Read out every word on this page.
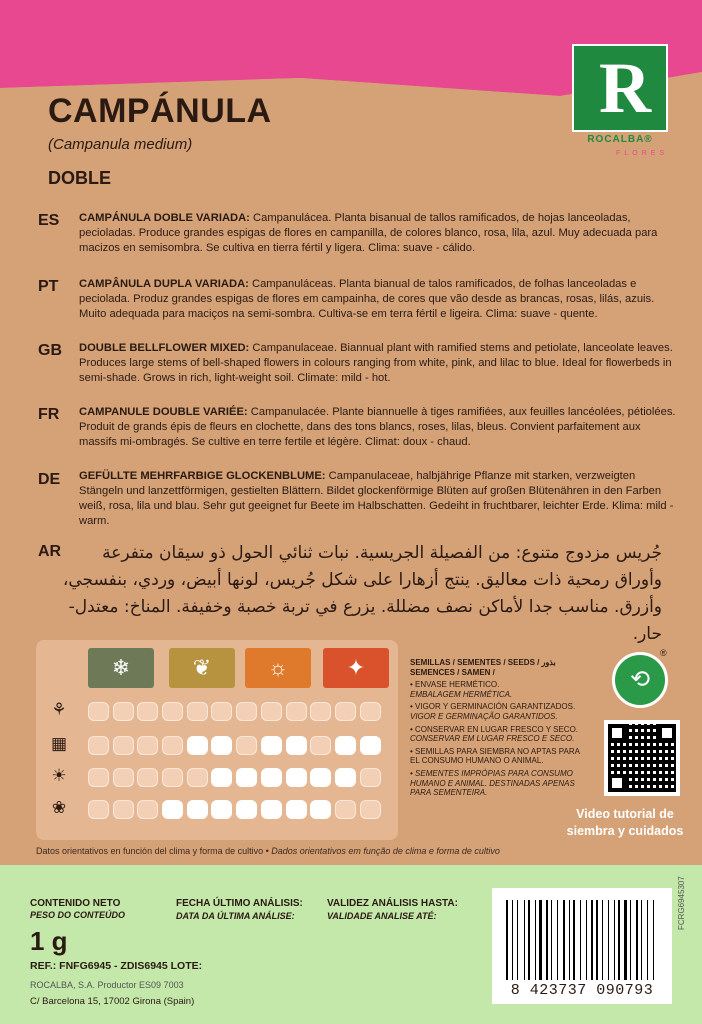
R
ROCALBA®
FLORES
CAMPÁNULA
(Campanula medium)
DOBLE
ES CAMPÁNULA DOBLE VARIADA: Campanulácea. Planta bisanual de tallos ramificados, de hojas lanceoladas, pecioladas. Produce grandes espigas de flores en campanilla, de colores blanco, rosa, lila, azul. Muy adecuada para macizos en semisombra. Se cultiva en tierra fértil y ligera. Clima: suave - cálido.
PT CAMPÂNULA DUPLA VARIADA: Campanuláceas. Planta bianual de talos ramificados, de folhas lanceoladas e peciolada. Produz grandes espigas de flores em campainha, de cores que vão desde as brancas, rosas, lilás, azuis. Muito adequada para maciços na semi-sombra. Cultiva-se em terra fértil e ligeira. Clima: suave - quente.
GB DOUBLE BELLFLOWER MIXED: Campanulaceae. Biannual plant with ramified stems and petiolate, lanceolate leaves. Produces large stems of bell-shaped flowers in colours ranging from white, pink, and lilac to blue. Ideal for flowerbeds in semi-shade. Grows in rich, light-weight soil. Climate: mild - hot.
FR CAMPANULE DOUBLE VARIÉE: Campanulacée. Plante biannuelle à tiges ramifiées, aux feuilles lancéolées, pétiolées. Produit de grands épis de fleurs en clochette, dans des tons blancs, roses, lilas, bleus. Convient parfaitement aux massifs mi-ombragés. Se cultive en terre fertile et légère. Climat: doux - chaud.
DE GEFÜLLTE MEHRFARBIGE GLOCKENBLUME: Campanulaceae, halbjährige Pflanze mit starken, verzweigten Stängeln und lanzettförmigen, gestielten Blättern. Bildet glockenförmige Blüten auf großen Blütenähren in den Farben weiß, rosa, lila und blau. Sehr gut geeignet fur Beete im Halbschatten. Gedeiht in fruchtbarer, leichter Erde. Klima: mild - warm.
AR	جُريس مزدوج متنوع: من الفصيلة الجريسية. نبات ثنائي الحول ذو سيقان متفرعة وأوراق رمحية ذات معاليق. ينتج أزهارا على شكل جُريس، لونها أبيض، وردي، بنفسجي، وأزرق. مناسب جدا لأماكن نصف مضللة. يزرع في تربة خصبة وخفيفة. المناخ: معتدل-حار.
SEMILLAS / SEMENTES / SEEDS / بذور SEMENCES / SAMEN /

• ENVASE HERMÉTICO.
EMBALAGEM HERMÉTICA.

• VIGOR Y GERMINACIÓN GARANTIZADOS.
VIGOR E GERMINAÇÃO GARANTIDOS.

• CONSERVAR EN LUGAR FRESCO Y SECO.
CONSERVAR EM LUGAR FRESCO E SECO.

• SEMILLAS PARA SIEMBRA NO APTAS PARA EL CONSUMO HUMANO O ANIMAL.

• SEMENTES IMPRÓPIAS PARA CONSUMO HUMANO E ANIMAL. DESTINADAS APENAS PARA SEMENTEIRA.

⟲
®
Video tutorial de siembra y cuidados
Datos orientativos en función del clima y forma de cultivo • Dados orientativos em função de clima e forma de cultivo
CONTENIDO NETO
PESO DO CONTEÚDO
1 g
FECHA ÚLTIMO ANÁLISIS:
DATA DA ÚLTIMA ANÁLISE:
VALIDEZ ANÁLISIS HASTA:
VALIDADE ANALISE ATÉ:
REF.: FNFG6945 - ZDIS6945 LOTE:
ROCALBA, S.A. Productor ES09 7003
C/ Barcelona 15, 17002 Girona (Spain)
8 423737 090793
FCRG6945307
❄	❦	☼	✦
⚘
▦
☀
❀
